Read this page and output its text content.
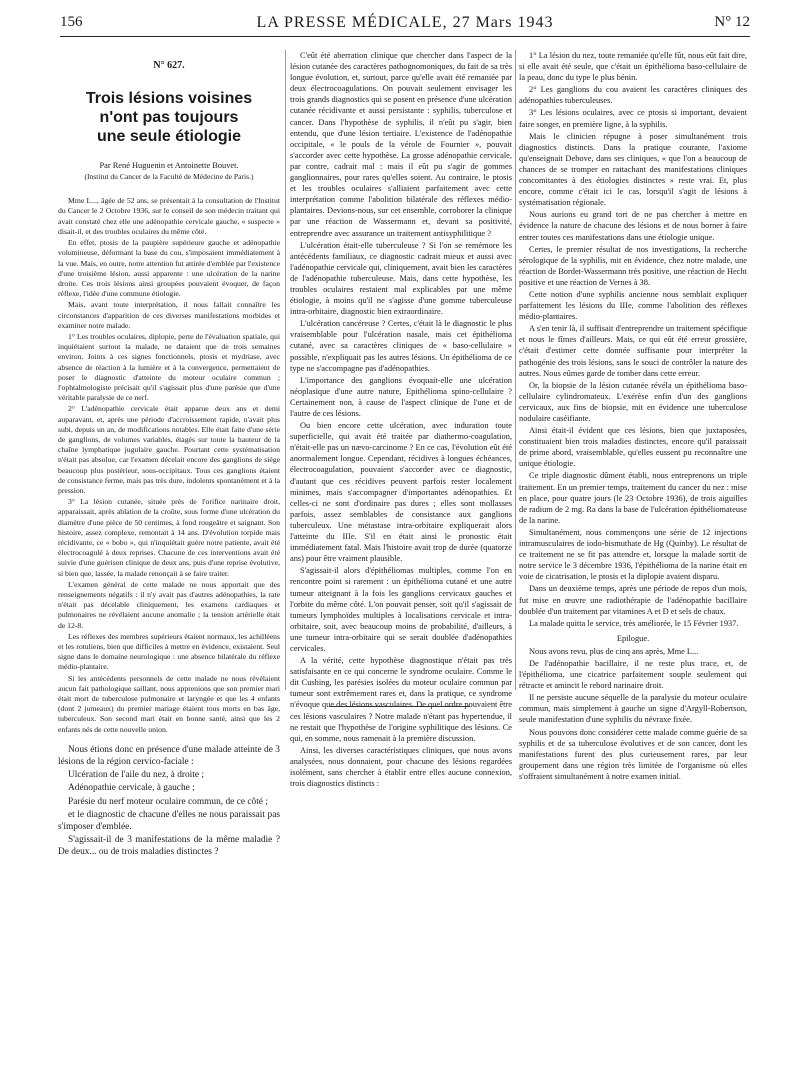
156	LA PRESSE MÉDICALE, 27 Mars 1943	N° 12

N° 627.

Trois lésions voisines
n'ont pas toujours
une seule étiologie

Par René Huguenin et Antoinette Bouvet.

(Institut du Cancer de la Faculté de Médecine de Paris.)

Mme L..., âgée de 52 ans, se présentait à la consultation de l'Institut du Cancer le 2 Octobre 1936, sur le conseil de son médecin traitant qui avait constaté chez elle une adénopathie cervicale gauche, « suspecte » disait-il, et des troubles oculaires du même côté.

En effet, ptosis de la paupière supérieure gauche et adénopathie volumineuse, déformant la base du cou, s'imposaient immédiatement à la vue. Mais, en outre, notre attention fut attirée d'emblée par l'existence d'une troisième lésion, aussi apparente : une ulcération de la narine droite. Ces trois lésions ainsi groupées pouvaient évoquer, de façon réflexe, l'idée d'une commune étiologie.

Mais, avant toute interprétation, il nous fallait connaître les circonstances d'apparition de ces diverses manifestations morbides et examiner notre malade.

1° Les troubles oculaires, diplopie, perte de l'évaluation spatiale, qui inquiétaient surtout la malade, ne dataient que de trois semaines environ. Joints à ces signes fonctionnels, ptosis et mydriase, avec absence de réaction à la lumière et à la convergence, permettaient de poser le diagnostic d'atteinte du moteur oculaire commun ; l'ophtalmologiste précisait qu'il s'agissait plus d'une parésie que d'une véritable paralysie de ce nerf.

2° L'adénopathie cervicale était apparue deux ans et demi auparavant, et, après une période d'accroissement rapide, n'avait plus subi, depuis un an, de modifications notables. Elle était faite d'une série de ganglions, de volumes variables, étagés sur toute la hauteur de la chaîne lymphatique jugulaire gauche. Pourtant cette systématisation n'était pas absolue, car l'examen décelait encore des ganglions de siège beaucoup plus postérieur, sous-occipitaux. Tous ces ganglions étaient de consistance ferme, mais pas très dure, indolents spontanément et à la pression.

3° La lésion cutanée, située près de l'orifice narinaire droit, apparaissait, après ablation de la croûte, sous forme d'une ulcération du diamètre d'une pièce de 50 centimes, à fond rougeâtre et saignant. Son histoire, assez complexe, remontait à 14 ans. D'évolution torpide mais récidivante, ce « bobo », qui n'inquiétait guère notre patiente, avait été électrocoagulé à deux reprises. Chacune de ces interventions avait été suivie d'une guérison clinique de deux ans, puis d'une reprise évolutive, si bien que, lassée, la malade renonçait à se faire traiter.

L'examen général de cette malade ne nous apportait que des renseignements négatifs : il n'y avait pas d'autres adénopathies, la rate n'était pas décelable cliniquement, les examens cardiaques et pulmonaires ne révélaient aucune anomalie ; la tension artérielle était de 12-8.

Les réflexes des membres supérieurs étaient normaux, les achilléens et les rotuliens, bien que difficiles à mettre en évidence, existaient. Seul signe dans le domaine neurologique : une absence bilatérale du réflexe médio-plantaire.

Si les antécédents personnels de cette malade ne nous révélaient aucun fait pathologique saillant, nous apprenions que son premier mari était mort de tuberculose pulmonaire et laryngée et que les 4 enfants (dont 2 jumeaux) du premier mariage étaient tous morts en bas âge, tuberculeux. Son second mari était en bonne santé, ainsi que les 2 enfants nés de cette nouvelle union.

Nous étions donc en présence d'une malade atteinte de 3 lésions de la région cervico-faciale :

Ulcération de l'aile du nez, à droite ;

Adénopathie cervicale, à gauche ;

Parésie du nerf moteur oculaire commun, de ce côté ;

et le diagnostic de chacune d'elles ne nous paraissait pas s'imposer d'emblée.

S'agissait-il de 3 manifestations de la même maladie ? De deux... ou de trois maladies distinctes ?

C'eût été aberration clinique que chercher dans l'aspect de la lésion cutanée des caractères pathognomoniques, du fait de sa très longue évolution, et, surtout, parce qu'elle avait été remaniée par deux électrocoagulations. On pouvait seulement envisager les trois grands diagnostics qui se posent en présence d'une ulcération cutanée récidivante et aussi persistante : syphilis, tuberculose et cancer. Dans l'hypothèse de syphilis, il n'eût pu s'agir, bien entendu, que d'une lésion tertiaire. L'existence de l'adénopathie occipitale, « le pouls de la vérole de Fournier », pouvait s'accorder avec cette hypothèse. La grosse adénopathie cervicale, par contre, cadrait mal : mais il eût pu s'agir de gommes ganglionnaires, pour rares qu'elles soient. Au contraire, le ptosis et les troubles oculaires s'alliaient parfaitement avec cette interprétation comme l'abolition bilatérale des réflexes médio-plantaires. Devions-nous, sur cet ensemble, corroborer la clinique par une réaction de Wassermann et, devant sa positivité, entreprendre avec assurance un traitement antisyphilitique ?

L'ulcération était-elle tuberculeuse ? Si l'on se remémore les antécédents familiaux, ce diagnostic cadrait mieux et aussi avec l'adénopathie cervicale qui, cliniquement, avait bien les caractères de l'adénopathie tuberculeuse. Mais, dans cette hypothèse, les troubles oculaires restaient mal explicables par une même étiologie, à moins qu'il ne s'agisse d'une gomme tuberculeuse intra-orbitaire, diagnostic bien extraordinaire.

L'ulcération cancéreuse ? Certes, c'était là le diagnostic le plus vraisemblable pour l'ulcération nasale, mais cet épithélioma cutané, avec sa caractères cliniques de « baso-cellulaire » possible, n'expliquait pas les autres lésions. Un épithélioma de ce type ne s'accompagne pas d'adénopathies.

L'importance des ganglions évoquait-elle une ulcération néoplasique d'une autre nature, Epithélioma spino-cellulaire ? Certainement non, à cause de l'aspect clinique de l'une et de l'autre de ces lésions.

Ou bien encore cette ulcération, avec induration toute superficielle, qui avait été traitée par diathermo-coagulation, n'était-elle pas un nævo-carcinome ? En ce cas, l'évolution eût été anormalement longue. Cependant, récidives à longues échéances, électrocoagulation, pouvaient s'accorder avec ce diagnostic, d'autant que ces récidives peuvent parfois rester localement minimes, mais s'accompagner d'importantes adénopathies. Et celles-ci ne sont d'ordinaire pas dures ; elles sont mollasses parfois, assez semblables de consistance aux ganglions tuberculeux. Une métastase intra-orbitaire expliquerait alors l'atteinte du IIIe. S'il en était ainsi le pronostic était immédiatement fatal. Mais l'histoire avait trop de durée (quatorze ans) pour être vraiment plausible.

S'agissait-il alors d'épithéliomas multiples, comme l'on en rencontre point si rarement : un épithélioma cutané et une autre tumeur atteignant à la fois les ganglions cervicaux gauches et l'orbite du même côté. L'on pouvait penser, soit qu'il s'agissait de tumeurs lymphoïdes multiples à localisations cervicale et intra-orbitaire, soit, avec beaucoup moins de probabilité, d'ailleurs, à une tumeur intra-orbitaire qui se serait doublée d'adénopathies cervicales.

A la vérité, cette hypothèse diagnostique n'était pas très satisfaisante en ce qui concerne le syndrome oculaire. Comme le dit Cushing, les parésies isolées du moteur oculaire commun par tumeur sont extrêmement rares et, dans la pratique, ce syndrome n'évoque que des lésions vasculaires. De quel ordre pouvaient être ces lésions vasculaires ? Notre malade n'étant pas hypertendue, il ne restait que l'hypothèse de l'origine syphilitique des lésions. Ce qui, en somme, nous ramenait à la première discussion.

Ainsi, les diverses caractéristiques cliniques, que nous avons analysées, nous donnaient, pour chacune des lésions regardées isolément, sans chercher à établir entre elles aucune connexion, trois diagnostics distincts :

1° La lésion du nez, toute remaniée qu'elle fût, nous eût fait dire, si elle avait été seule, que c'était un épithélioma baso-cellulaire de la peau, donc du type le plus bénin.

2° Les ganglions du cou avaient les caractères cliniques des adénopathies tuberculeuses.

3° Les lésions oculaires, avec ce ptosis si important, devaient faire songer, en première ligne, à la syphilis.

Mais le clinicien répugne à poser simultanément trois diagnostics distincts. Dans la pratique courante, l'axiome qu'enseignait Debove, dans ses cliniques, « que l'on a beaucoup de chances de se tromper en rattachant des manifestations cliniques concomitantes à des étiologies distinctes » reste vrai. Et, plus encore, comme c'était ici le cas, lorsqu'il s'agit de lésions à systématisation régionale.

Nous aurions eu grand tort de ne pas chercher à mettre en évidence la nature de chacune des lésions et de nous borner à faire entrer toutes ces manifestations dans une étiologie unique.

Certes, le premier résultat de nos investigations, la recherche sérologique de la syphilis, mit en évidence, chez notre malade, une réaction de Bordet-Wassermann très positive, une réaction de Hecht positive et une réaction de Vernes à 38.

Cette notion d'une syphilis ancienne nous semblait expliquer parfaitement les lésions du IIIe, comme l'abolition des réflexes médio-plantaires.

A s'en tenir là, il suffisait d'entreprendre un traitement spécifique et nous le fîmes d'ailleurs. Mais, ce qui eût été erreur grossière, c'était d'estimer cette donnée suffisante pour interpréter la pathogénie des trois lésions, sans le souci de contrôler la nature des autres. Nous eûmes garde de tomber dans cette erreur.

Or, la biopsie de la lésion cutanée révéla un épithélioma baso-cellulaire cylindromateux. L'exérèse enfin d'un des ganglions cervicaux, aux fins de biopsie, mit en évidence une tuberculose nodulaire caséifiante.

Ainsi était-il évident que ces lésions, bien que juxtaposées, constituaient bien trois maladies distinctes, encore qu'il paraissait de prime abord, vraisemblable, qu'elles eussent pu reconnaître une unique étiologie.

Ce triple diagnostic dûment établi, nous entreprenons un triple traitement. En un premier temps, traitement du cancer du nez : mise en place, pour quatre jours (le 23 Octobre 1936), de trois aiguilles de radium de 2 mg. Ra dans la base de l'ulcération épithéliomateuse de la narine.

Simultanément, nous commençons une série de 12 injections intramusculaires de iodo-bismuthate de Hg (Quinby). Le résultat de ce traitement ne se fit pas attendre et, lorsque la malade sortit de notre service le 3 décembre 1936, l'épithélioma de la narine était en voie de cicatrisation, le ptosis et la diplopie avaient disparu.

Dans un deuxième temps, après une période de repos d'un mois, fut mise en œuvre une radiothérapie de l'adénopathie bacillaire doublée d'un traitement par vitamines A et D et sels de chaux.

La malade quitta le service, très améliorée, le 15 Février 1937.

Epilogue.

Nous avons revu, plus de cinq ans après, Mme L...

De l'adénopathie bacillaire, il ne reste plus trace, et, de l'épithélioma, une cicatrice parfaitement souple seulement qui rétracte et amincit le rebord narinaire droit.

Il ne persiste aucune séquelle de la paralysie du moteur oculaire commun, mais simplement à gauche un signe d'Argyll-Robertson, seule manifestation d'une syphilis du névraxe fixée.

Nous pouvons donc considérer cette malade comme guérie de sa syphilis et de sa tuberculose évolutives et de son cancer, dont les manifestations furent des plus curieusement rares, par leur groupement dans une région très limitée de l'organisme où elles s'offraient simultanément à notre examen initial.
